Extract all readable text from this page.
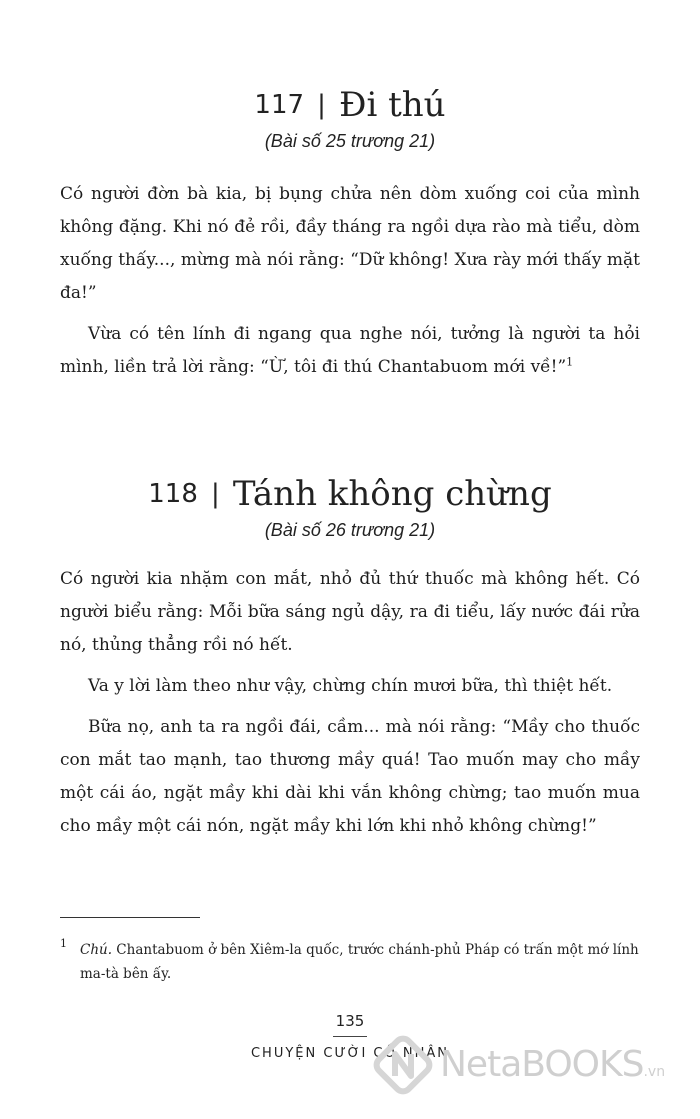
117 | Đi thú
(Bài số 25 trương 21)

Có người đờn bà kia, bị bụng chửa nên dòm xuống coi của mình không đặng. Khi nó đẻ rồi, đầy tháng ra ngồi dựa rào mà tiểu, dòm xuống thấy..., mừng mà nói rằng: “Dữ không! Xưa rày mới thấy mặt đa!”

Vừa có tên lính đi ngang qua nghe nói, tưởng là người ta hỏi mình, liền trả lời rằng: “Ừ, tôi đi thú Chantabuom mới về!”$^1$

118 | Tánh không chừng
(Bài số 26 trương 21)

Có người kia nhặm con mắt, nhỏ đủ thứ thuốc mà không hết. Có người biểu rằng: Mỗi bữa sáng ngủ dậy, ra đi tiểu, lấy nước đái rửa nó, thủng thẳng rồi nó hết.

Va y lời làm theo như vậy, chừng chín mươi bữa, thì thiệt hết.

Bữa nọ, anh ta ra ngồi đái, cầm... mà nói rằng: “Mầy cho thuốc con mắt tao mạnh, tao thương mầy quá! Tao muốn may cho mầy một cái áo, ngặt mầy khi dài khi vắn không chừng; tao muốn mua cho mầy một cái nón, ngặt mầy khi lớn khi nhỏ không chừng!”

1 Chú. Chantabuom ở bên Xiêm-la quốc, trước chánh-phủ Pháp có trấn một mớ lính ma-tà bên ấy.
135
CHUYỆN CƯỜI CỔ NHÂN
NetaBOOKS.vn
